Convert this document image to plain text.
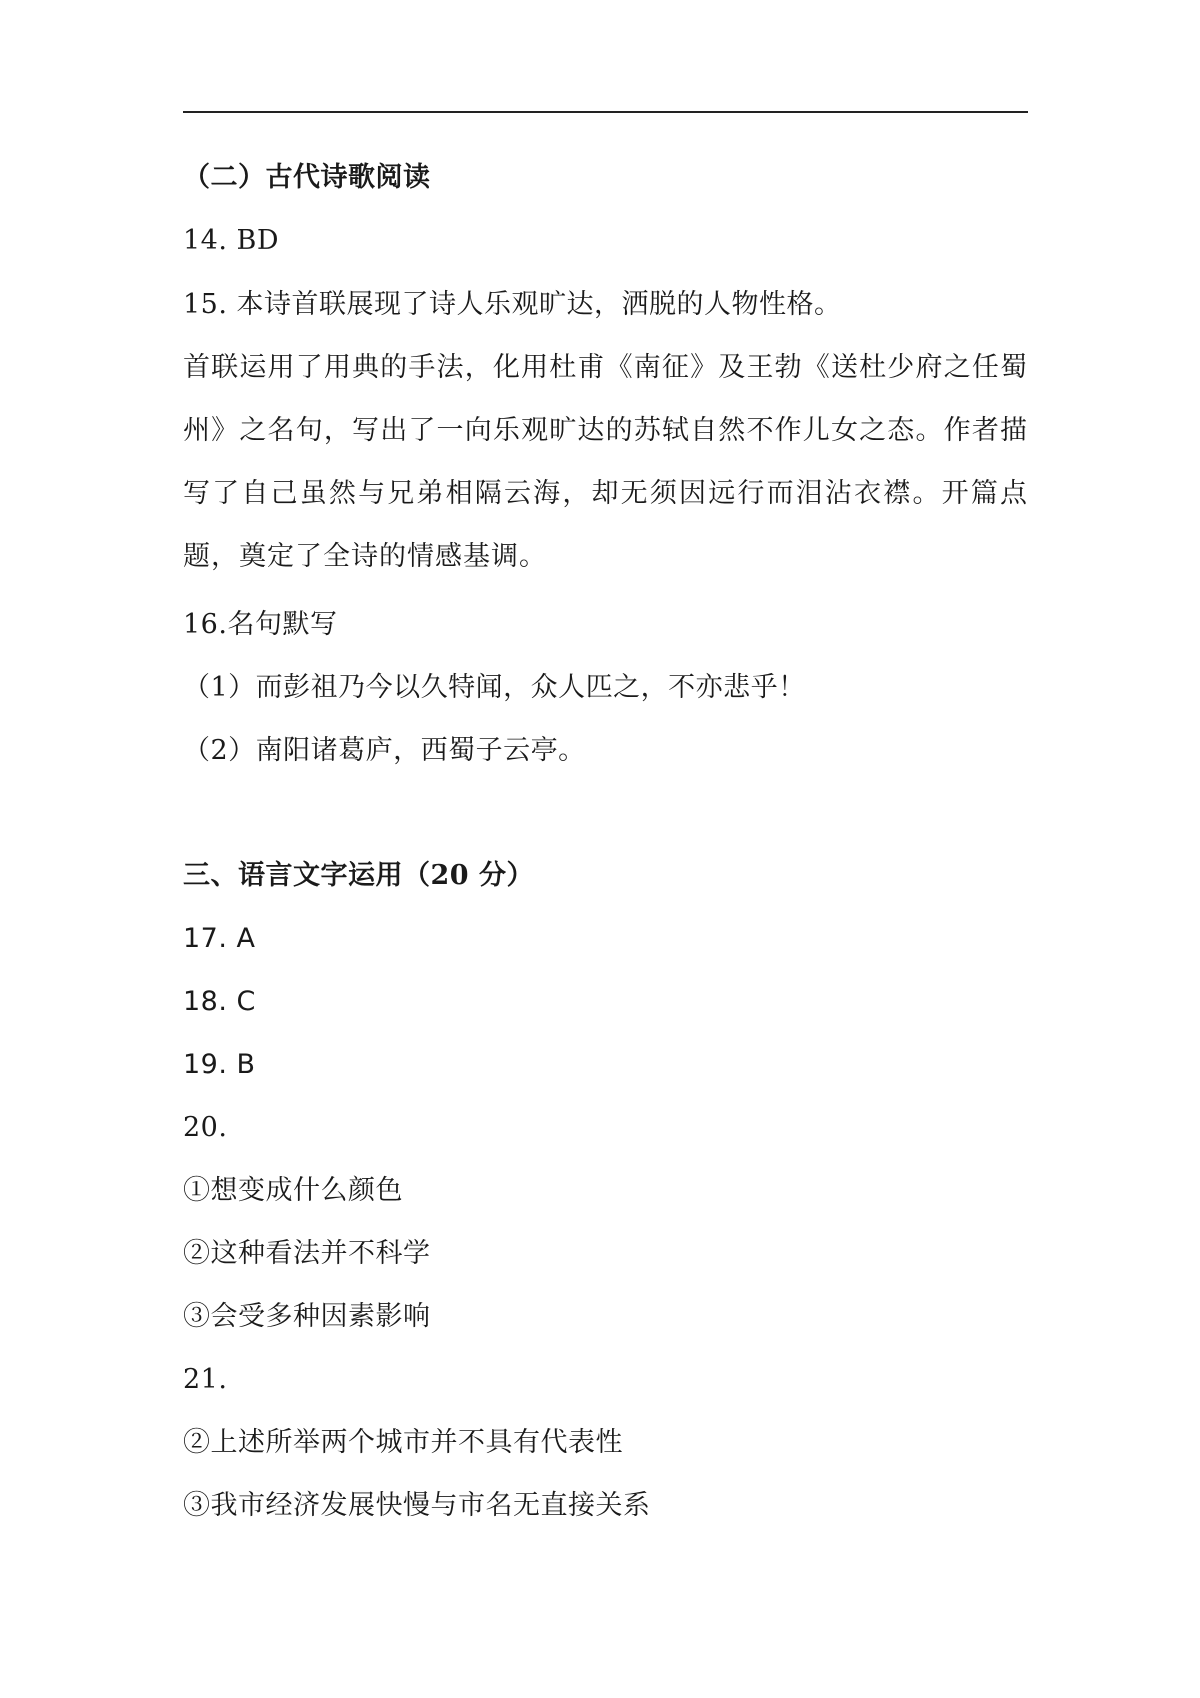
（二）古代诗歌阅读
14. BD
15. 本诗首联展现了诗人乐观旷达，洒脱的人物性格。
首联运用了用典的手法，化用杜甫《南征》及王勃《送杜少府之任蜀州》之名句，写出了一向乐观旷达的苏轼自然不作儿女之态。作者描写了自己虽然与兄弟相隔云海，却无须因远行而泪沾衣襟。开篇点题，奠定了全诗的情感基调。
16.名句默写
（1）而彭祖乃今以久特闻，众人匹之，不亦悲乎！
（2）南阳诸葛庐，西蜀子云亭。
三、语言文字运用（20 分）
17. A
18. C
19. B
20.
①想变成什么颜色
②这种看法并不科学
③会受多种因素影响
21.
②上述所举两个城市并不具有代表性
③我市经济发展快慢与市名无直接关系
